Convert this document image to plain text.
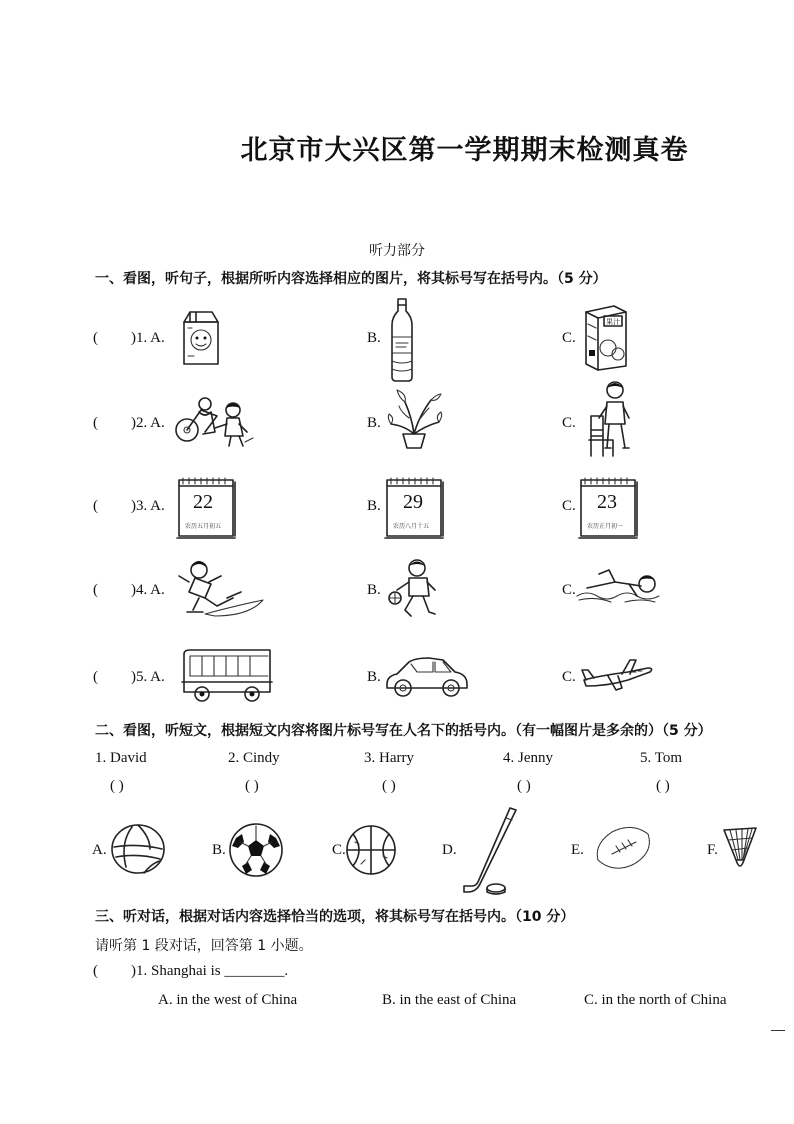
北京市大兴区第一学期期末检测真卷
听力部分
一、看图，听句子，根据所听内容选择相应的图片，将其标号写在括号内。（5 分）
( )1. A.	B.	C.
果汁
( )2. A.	B.	C.
( )3. A. 22
农历五月初五
B. 29
农历八月十五
C. 23
农历正月初一
( )4. A.	B.	C.
( )5. A.	B.	C.
二、看图，听短文，根据短文内容将图片标号写在人名下的括号内。（有一幅图片是多余的）（5 分）
1. David	2. Cindy	3. Harry	4. Jenny	5. Tom
( )	( )	( )	( )	( )
A.	B.	C.	D.	E.	F.
三、听对话，根据对话内容选择恰当的选项，将其标号写在括号内。（10 分）
请听第 1 段对话，回答第 1 小题。
( )1. Shanghai is ________.
A. in the west of China	B. in the east of China	C. in the north of China
